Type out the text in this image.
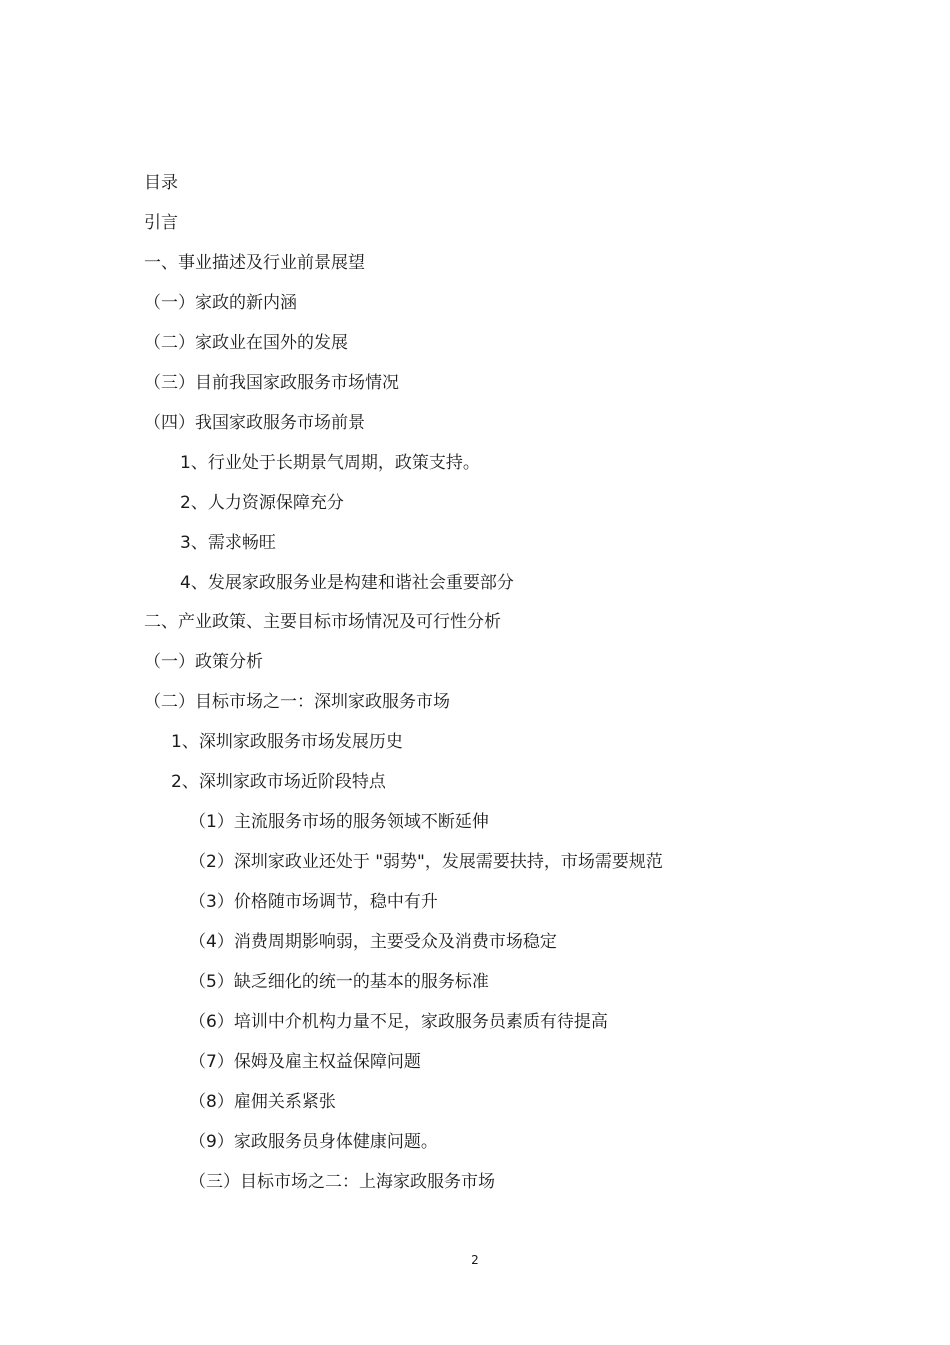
目录

引言

一、事业描述及行业前景展望

（一）家政的新内涵

（二）家政业在国外的发展

（三）目前我国家政服务市场情况

（四）我国家政服务市场前景

1、行业处于长期景气周期，政策支持。

2、人力资源保障充分

3、需求畅旺

4、发展家政服务业是构建和谐社会重要部分

二、产业政策、主要目标市场情况及可行性分析

（一）政策分析

（二）目标市场之一：深圳家政服务市场

1、深圳家政服务市场发展历史

2、深圳家政市场近阶段特点

（1）主流服务市场的服务领域不断延伸

（2）深圳家政业还处于 "弱势"，发展需要扶持，市场需要规范

（3）价格随市场调节，稳中有升

（4）消费周期影响弱，主要受众及消费市场稳定

（5）缺乏细化的统一的基本的服务标准

（6）培训中介机构力量不足，家政服务员素质有待提高

（7）保姆及雇主权益保障问题

（8）雇佣关系紧张

（9）家政服务员身体健康问题。

（三）目标市场之二：上海家政服务市场

2
